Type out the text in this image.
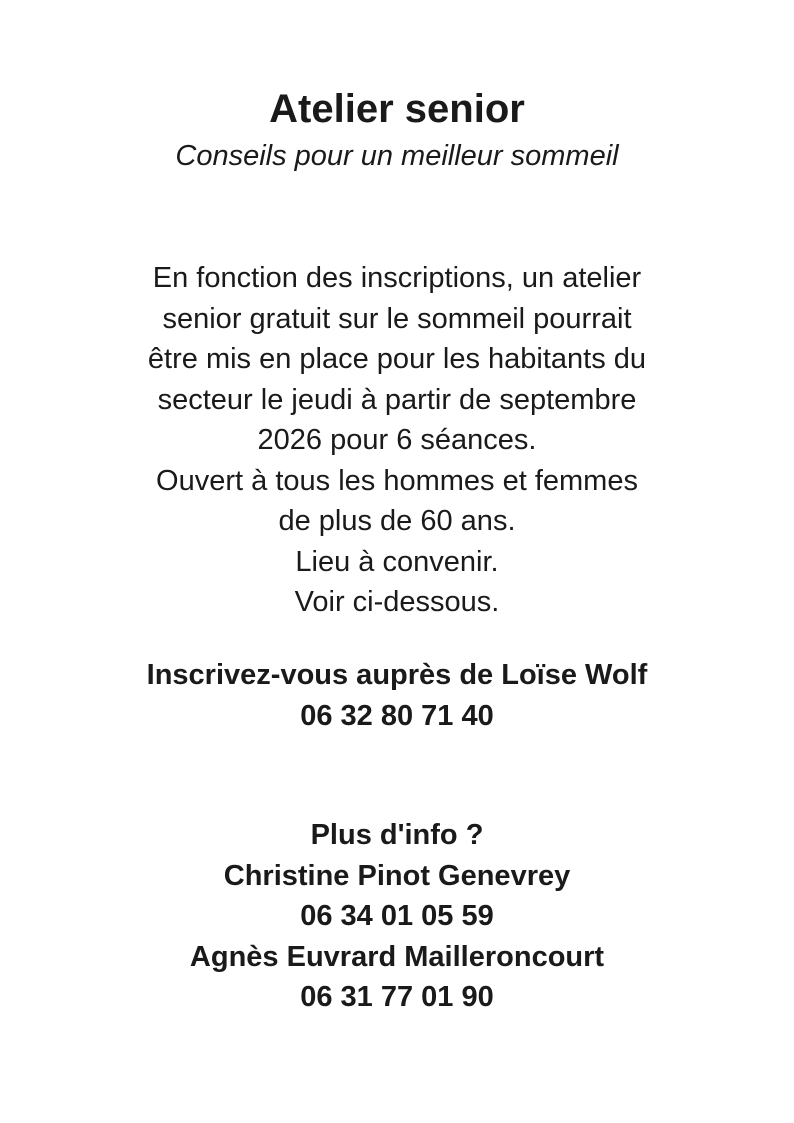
Atelier senior

Conseils pour un meilleur sommeil

En fonction des inscriptions, un atelier
senior gratuit sur le sommeil pourrait
être mis en place pour les habitants du
secteur le jeudi à partir de septembre
2026 pour 6 séances.
Ouvert à tous les hommes et femmes
de plus de 60 ans.
Lieu à convenir.
Voir ci-dessous.
Inscrivez-vous auprès de Loïse Wolf
06 32 80 71 40
Plus d'info ?
Christine Pinot Genevrey
06 34 01 05 59
Agnès Euvrard Mailleroncourt
06 31 77 01 90
